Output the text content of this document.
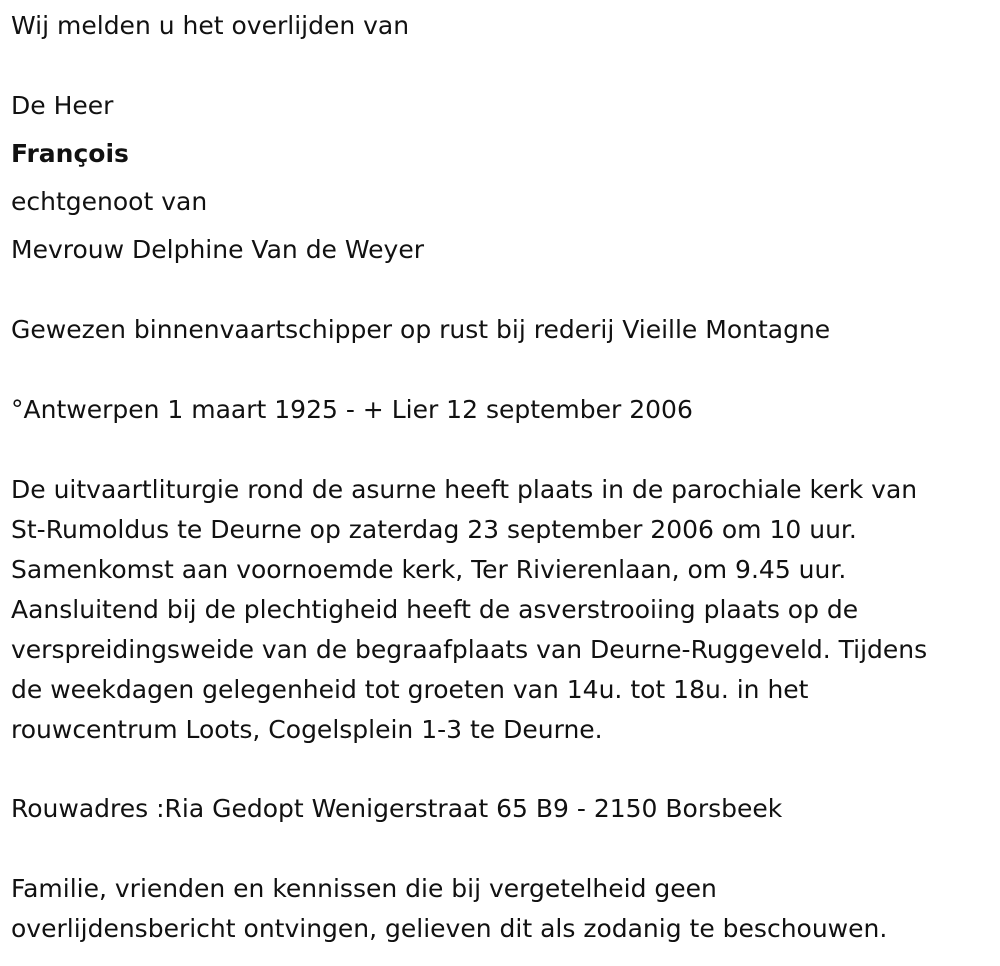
Wij melden u het overlijden van
De Heer
François
echtgenoot van
Mevrouw Delphine Van de Weyer
Gewezen binnenvaartschipper op rust bij rederij Vieille Montagne
°Antwerpen 1 maart 1925 - + Lier 12 september 2006
De uitvaartliturgie rond de asurne heeft plaats in de parochiale kerk van
St-Rumoldus te Deurne op zaterdag 23 september 2006 om 10 uur.
Samenkomst aan voornoemde kerk, Ter Rivierenlaan, om 9.45 uur.
Aansluitend bij de plechtigheid heeft de asverstrooiing plaats op de
verspreidingsweide van de begraafplaats van Deurne-Ruggeveld. Tijdens
de weekdagen gelegenheid tot groeten van 14u. tot 18u. in het
rouwcentrum Loots, Cogelsplein 1-3 te Deurne.
Rouwadres :Ria Gedopt Wenigerstraat 65 B9 - 2150 Borsbeek
Familie, vrienden en kennissen die bij vergetelheid geen
overlijdensbericht ontvingen, gelieven dit als zodanig te beschouwen.
